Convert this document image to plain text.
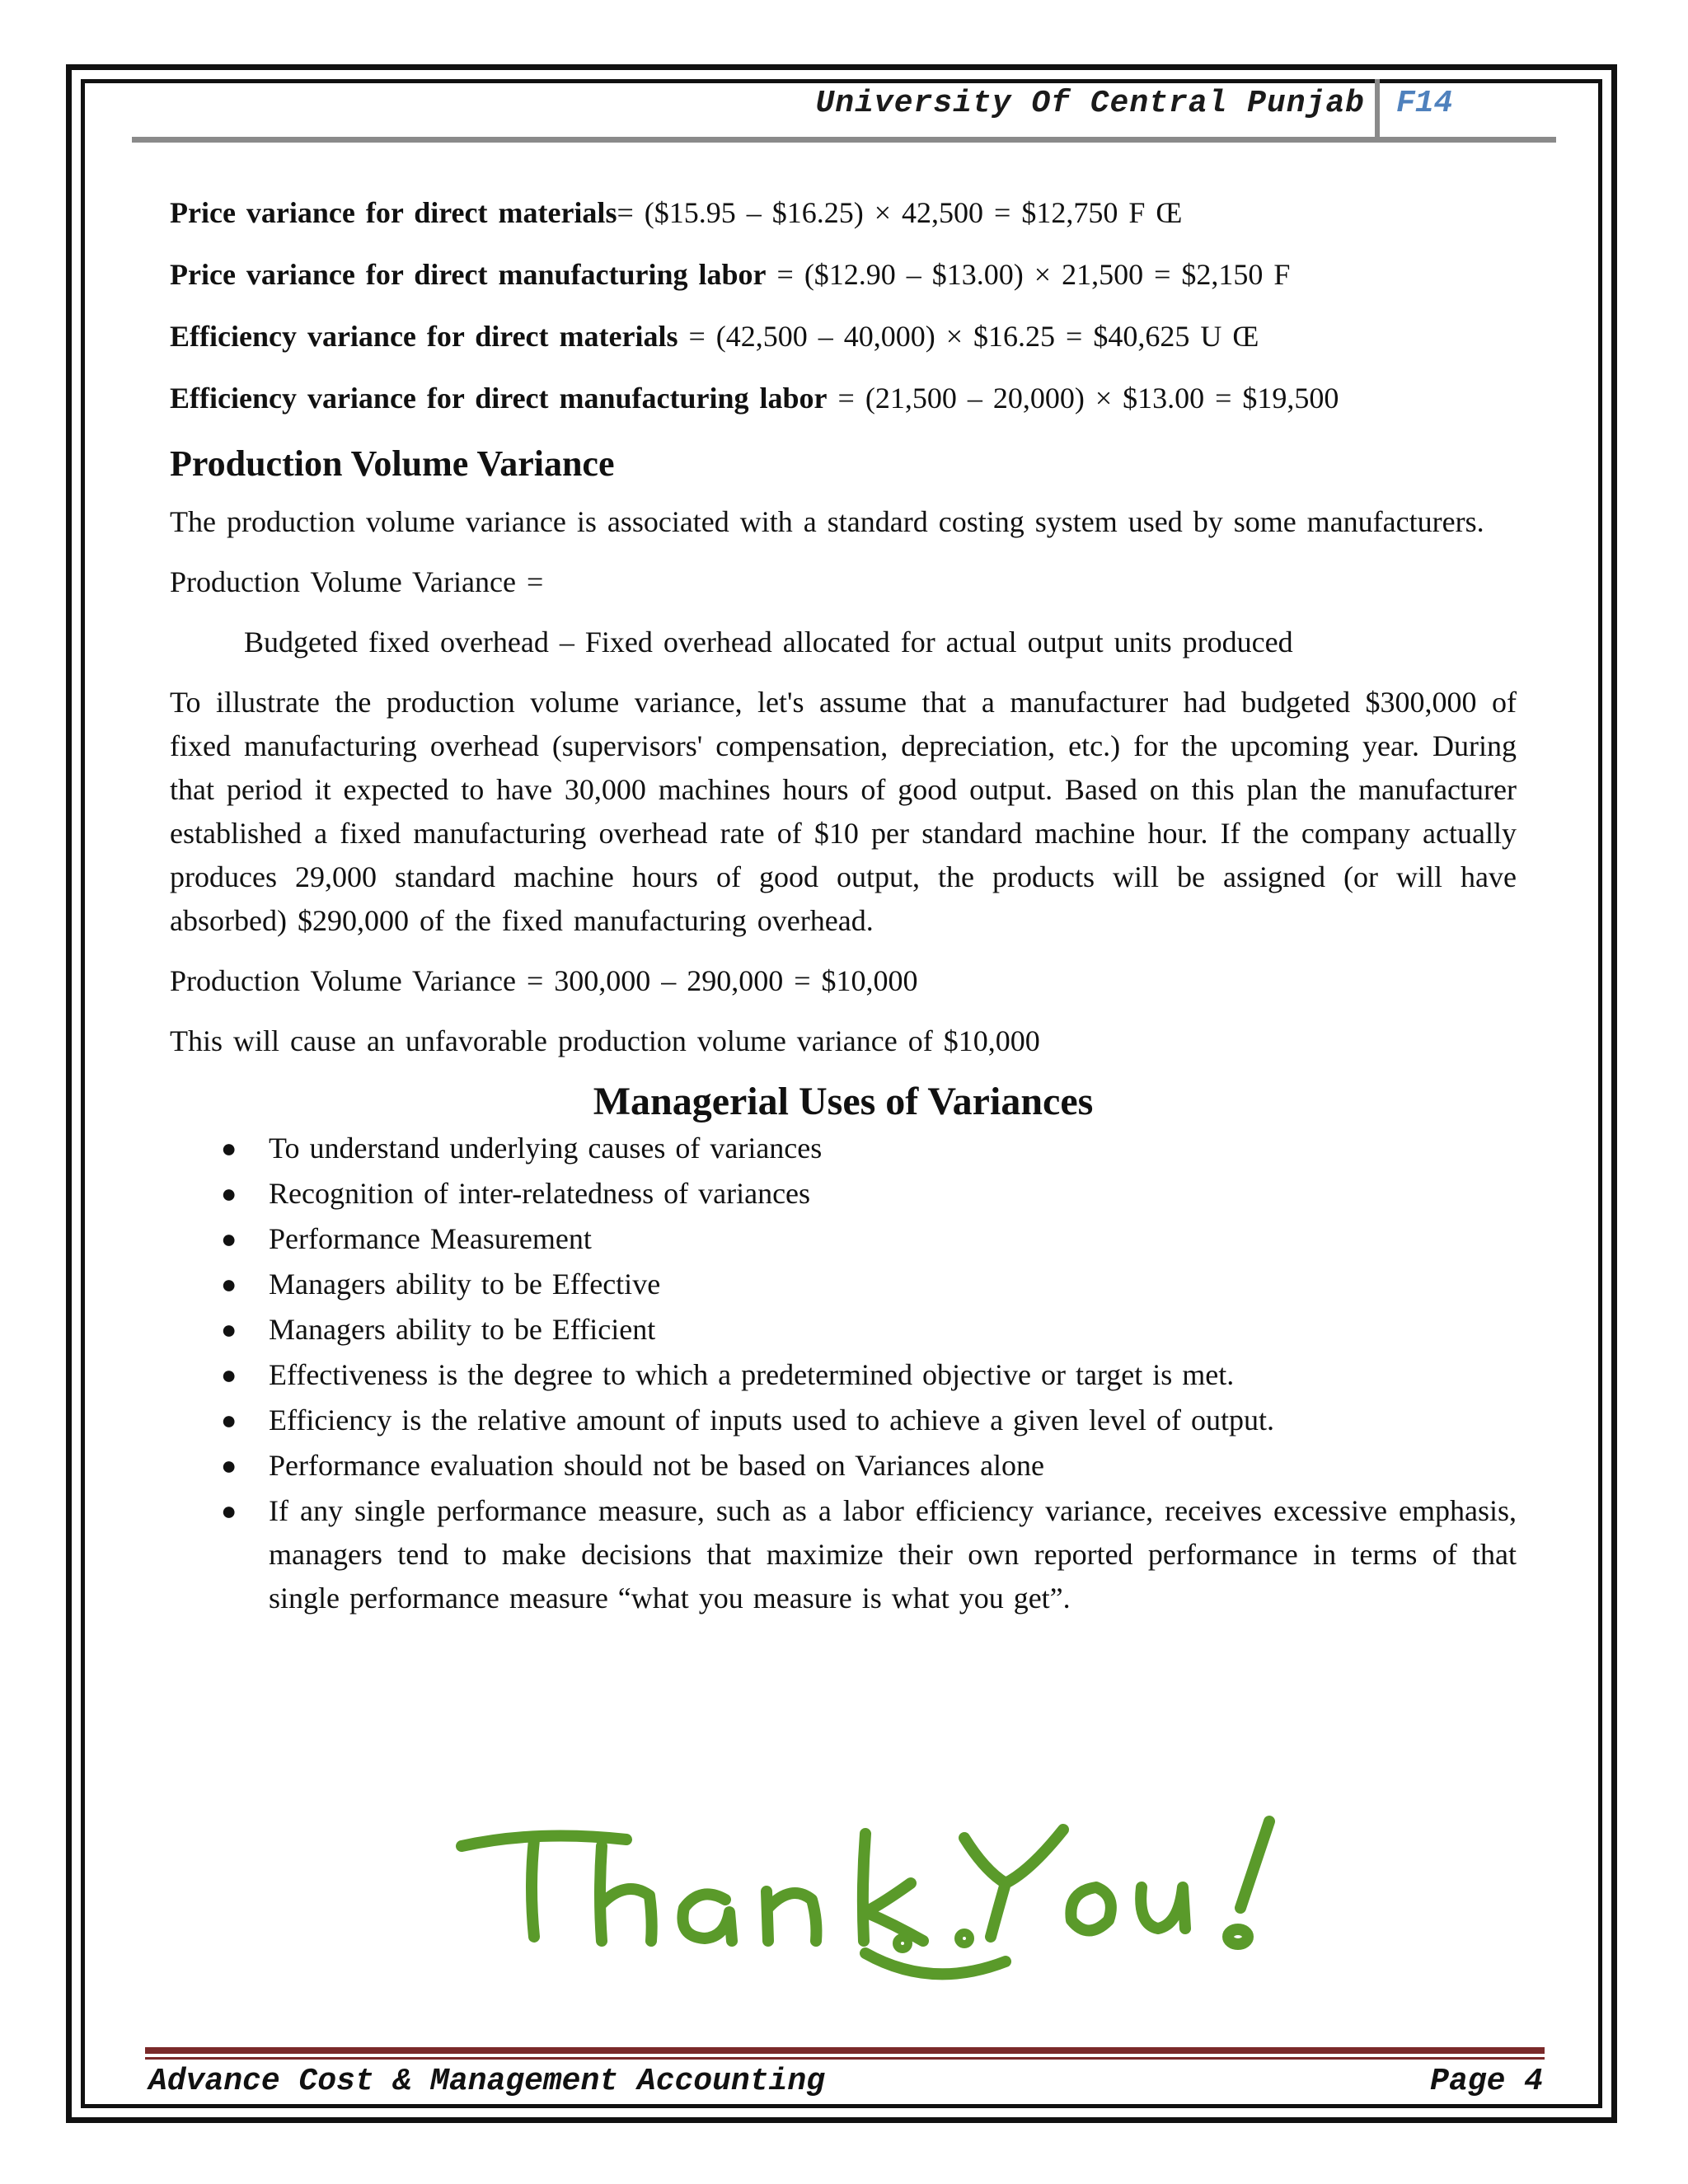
University Of Central Punjab F14
Price variance for direct materials= ($15.95 – $16.25) × 42,500 = $12,750 F Œ
Price variance for direct manufacturing labor = ($12.90 – $13.00) × 21,500 = $2,150 F
Efficiency variance for direct materials = (42,500 – 40,000) × $16.25 = $40,625 U Œ
Efficiency variance for direct manufacturing labor = (21,500 – 20,000) × $13.00 = $19,500
Production Volume Variance
The production volume variance is associated with a standard costing system used by some manufacturers.
Production Volume Variance =
Budgeted fixed overhead – Fixed overhead allocated for actual output units produced
To illustrate the production volume variance, let's assume that a manufacturer had budgeted $300,000 of fixed manufacturing overhead (supervisors' compensation, depreciation, etc.) for the upcoming year. During that period it expected to have 30,000 machines hours of good output. Based on this plan the manufacturer established a fixed manufacturing overhead rate of $10 per standard machine hour. If the company actually produces 29,000 standard machine hours of good output, the products will be assigned (or will have absorbed) $290,000 of the fixed manufacturing overhead.
Production Volume Variance = 300,000 – 290,000 = $10,000
This will cause an unfavorable production volume variance of $10,000
Managerial Uses of Variances
● To understand underlying causes of variances
● Recognition of inter-relatedness of variances
● Performance Measurement
● Managers ability to be Effective
● Managers ability to be Efficient
● Effectiveness is the degree to which a predetermined objective or target is met.
● Efficiency is the relative amount of inputs used to achieve a given level of output.
● Performance evaluation should not be based on Variances alone
● If any single performance measure, such as a labor efficiency variance, receives excessive emphasis, managers tend to make decisions that maximize their own reported performance in terms of that single performance measure “what you measure is what you get”.
Advance Cost & Management Accounting	Page 4
